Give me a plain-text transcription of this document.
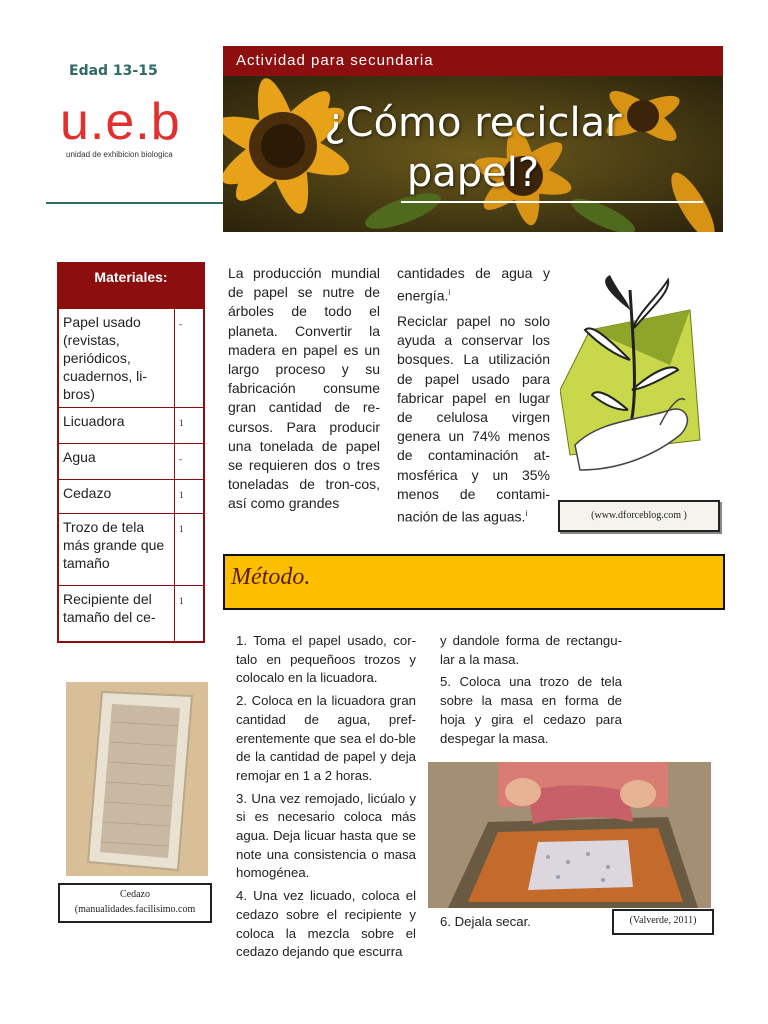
Edad 13-15
u.e.b
unidad de exhibicion biologica
Actividad para secundaria
¿Cómo reciclar
papel?
Materiales:	
Papel usado (revistas, periódicos, cuadernos, li-bros)	-
Licuadora	1
Agua	-
Cedazo	1
Trozo de tela más grande que tamaño	1
Recipiente del tamaño del ce-	1
La producción mundial de papel se nutre de árboles de todo el planeta. Convertir la madera en papel es un largo proceso y su fabricación consume gran cantidad de re-cursos. Para producir una tonelada de papel se requieren dos o tres toneladas de tron-cos, así como grandes
cantidades de agua y energía.$^i$
Reciclar papel no solo ayuda a conservar los bosques. La utilización de papel usado para fabricar papel en lugar de celulosa virgen genera un 74% menos de contaminación at-mosférica y un 35% menos de contami-nación de las aguas.$^i$	(www.dforceblog.com )
Método.

1. Toma el papel usado, cor-talo en pequeñoos trozos y colocalo en la licuadora.

2. Coloca en la licuadora gran cantidad de agua, pref-erentemente que sea el do-ble de la cantidad de papel y deja remojar en 1 a 2 horas.

3. Una vez remojado, licúalo y si es necesario coloca más agua. Deja licuar hasta que se note una consistencia o masa homogénea.

4. Una vez licuado, coloca el cedazo sobre el recipiente y coloca la mezcla sobre el cedazo dejando que escurra

y dandole forma de rectangu-lar a la masa.

5. Coloca una trozo de tela sobre la masa en forma de hoja y gira el cedazo para despegar la masa.

Cedazo
(manualidades.facilisimo.com
6. Dejala secar.	(Valverde, 2011)
